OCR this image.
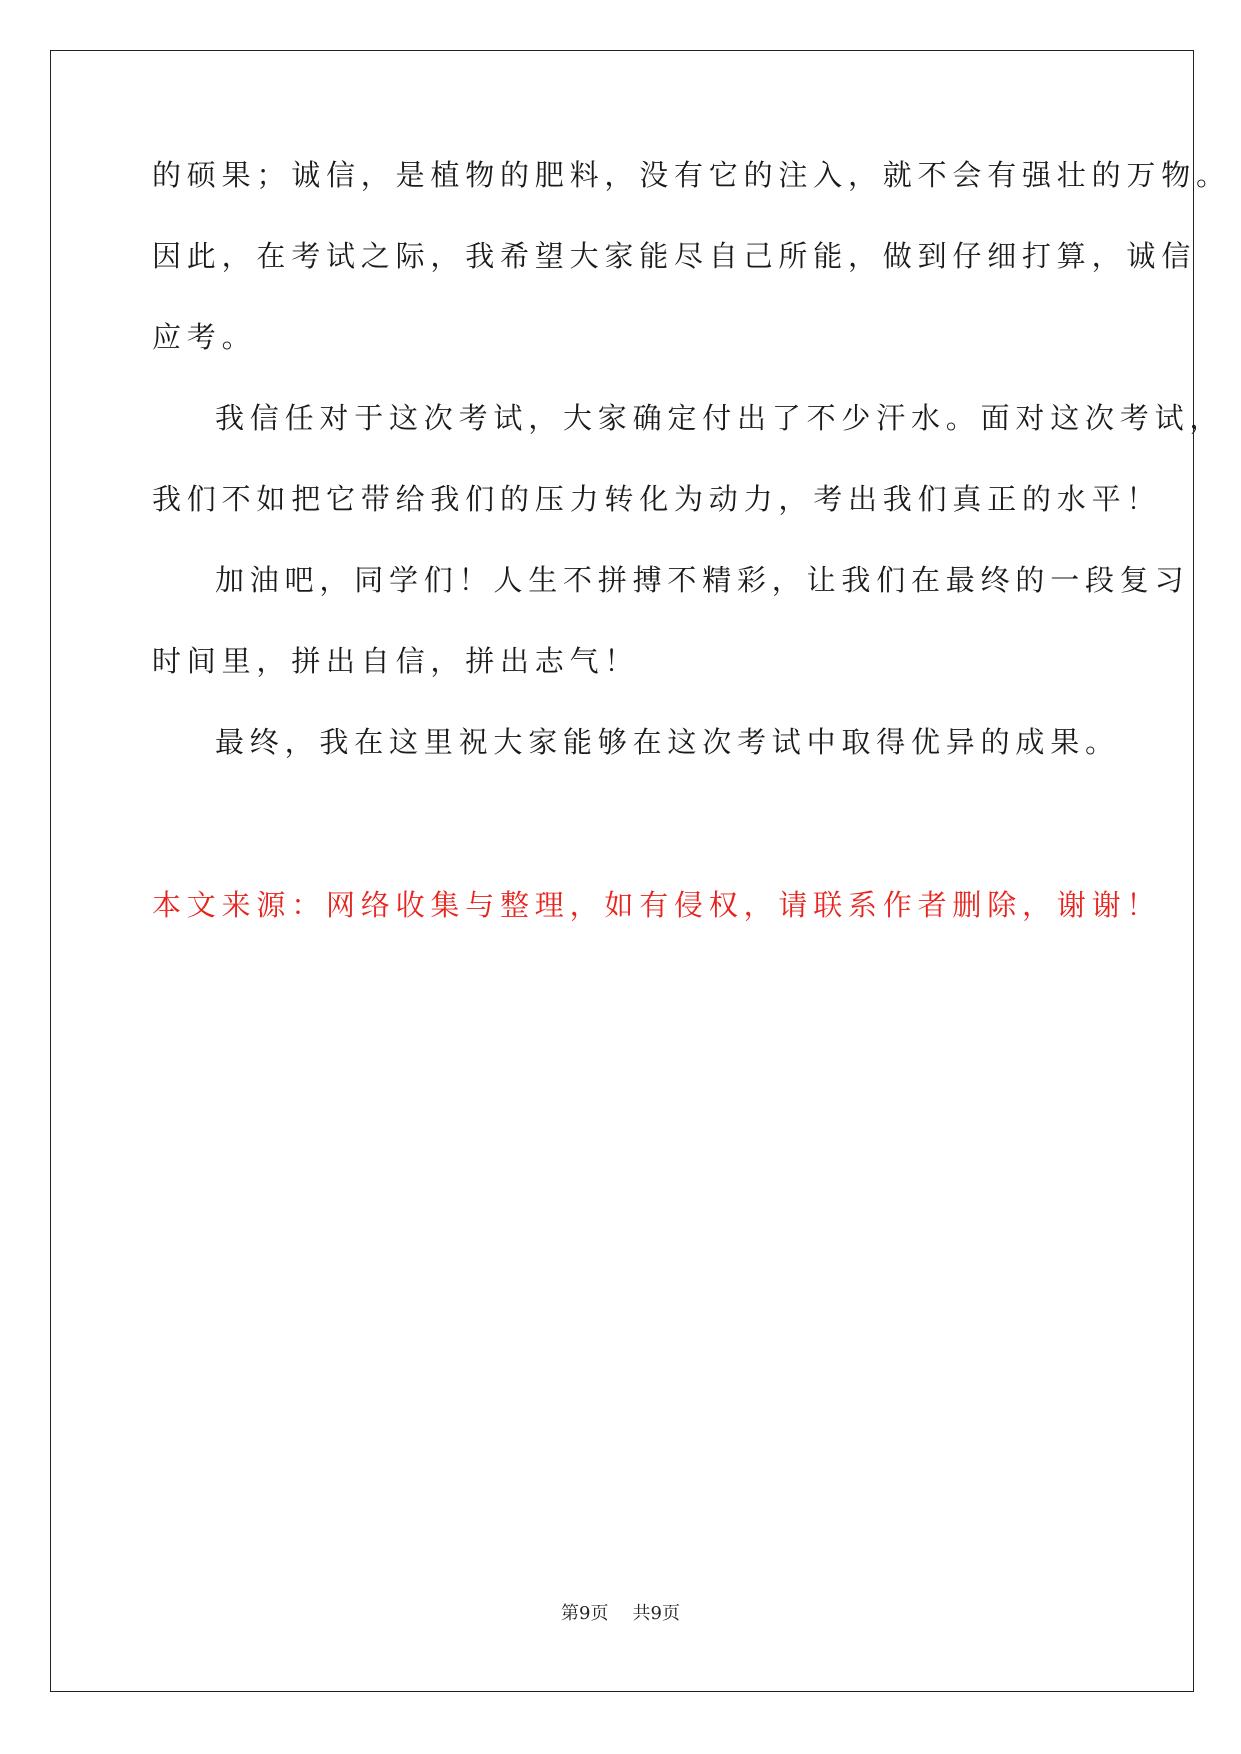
的硕果；诚信，是植物的肥料，没有它的注入，就不会有强壮的万物。
因此，在考试之际，我希望大家能尽自己所能，做到仔细打算，诚信
应考。
我信任对于这次考试，大家确定付出了不少汗水。面对这次考试，
我们不如把它带给我们的压力转化为动力，考出我们真正的水平！
加油吧，同学们！人生不拼搏不精彩，让我们在最终的一段复习
时间里，拼出自信，拼出志气！
最终，我在这里祝大家能够在这次考试中取得优异的成果。
本文来源：网络收集与整理，如有侵权，请联系作者删除，谢谢！
第9页 共9页
